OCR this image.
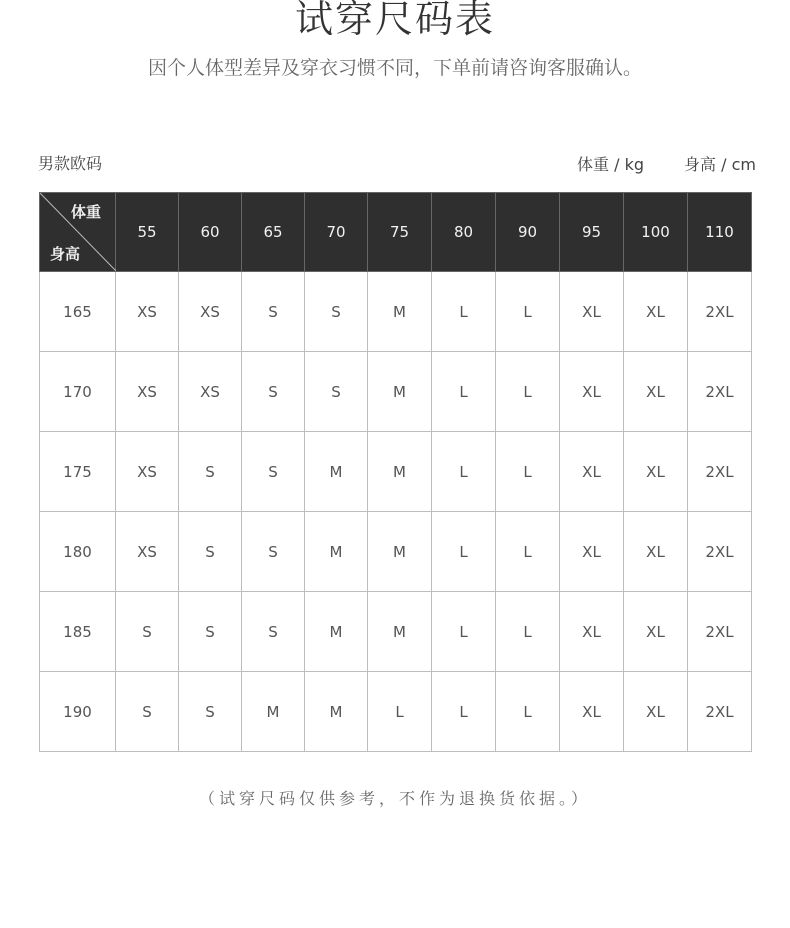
试穿尺码表
因个人体型差异及穿衣习惯不同，下单前请咨询客服确认。
男款欧码	体重 / kg	身高 / cm
体重
身高	55	60	65	70	75	80	90	95	100	110
165	XS	XS	S	S	M	L	L	XL	XL	2XL
170	XS	XS	S	S	M	L	L	XL	XL	2XL
175	XS	S	S	M	M	L	L	XL	XL	2XL
180	XS	S	S	M	M	L	L	XL	XL	2XL
185	S	S	S	M	M	L	L	XL	XL	2XL
190	S	S	M	M	L	L	L	XL	XL	2XL
（试穿尺码仅供参考，不作为退换货依据。）
